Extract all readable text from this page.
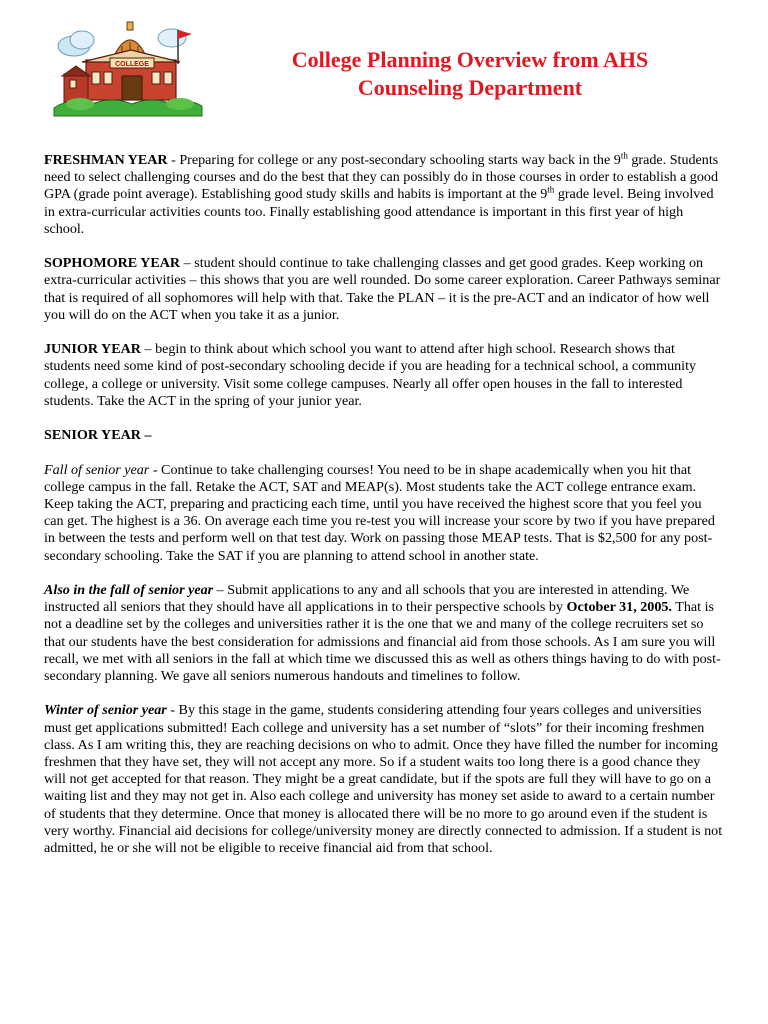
COLLEGE	College Planning Overview from AHS
Counseling Department

FRESHMAN YEAR - Preparing for college or any post-secondary schooling starts way back in the 9th grade. Students need to select challenging courses and do the best that they can possibly do in those courses in order to establish a good GPA (grade point average). Establishing good study skills and habits is important at the 9th grade level. Being involved in extra-curricular activities counts too. Finally establishing good attendance is important in this first year of high school.

SOPHOMORE YEAR – student should continue to take challenging classes and get good grades. Keep working on extra-curricular activities – this shows that you are well rounded. Do some career exploration. Career Pathways seminar that is required of all sophomores will help with that. Take the PLAN – it is the pre-ACT and an indicator of how well you will do on the ACT when you take it as a junior.

JUNIOR YEAR – begin to think about which school you want to attend after high school. Research shows that students need some kind of post-secondary schooling decide if you are heading for a technical school, a community college, a college or university. Visit some college campuses. Nearly all offer open houses in the fall to interested students. Take the ACT in the spring of your junior year.

SENIOR YEAR –

Fall of senior year - Continue to take challenging courses! You need to be in shape academically when you hit that college campus in the fall. Retake the ACT, SAT and MEAP(s). Most students take the ACT college entrance exam. Keep taking the ACT, preparing and practicing each time, until you have received the highest score that you feel you can get. The highest is a 36. On average each time you re-test you will increase your score by two if you have prepared in between the tests and perform well on that test day. Work on passing those MEAP tests. That is $2,500 for any post-secondary schooling. Take the SAT if you are planning to attend school in another state.

Also in the fall of senior year – Submit applications to any and all schools that you are interested in attending. We instructed all seniors that they should have all applications in to their perspective schools by October 31, 2005. That is not a deadline set by the colleges and universities rather it is the one that we and many of the college recruiters set so that our students have the best consideration for admissions and financial aid from those schools. As I am sure you will recall, we met with all seniors in the fall at which time we discussed this as well as others things having to do with post-secondary planning. We gave all seniors numerous handouts and timelines to follow.

Winter of senior year - By this stage in the game, students considering attending four years colleges and universities must get applications submitted! Each college and university has a set number of “slots” for their incoming freshmen class. As I am writing this, they are reaching decisions on who to admit. Once they have filled the number for incoming freshmen that they have set, they will not accept any more. So if a student waits too long there is a good chance they will not get accepted for that reason. They might be a great candidate, but if the spots are full they will have to go on a waiting list and they may not get in. Also each college and university has money set aside to award to a certain number of students that they determine. Once that money is allocated there will be no more to go around even if the student is very worthy. Financial aid decisions for college/university money are directly connected to admission. If a student is not admitted, he or she will not be eligible to receive financial aid from that school.
